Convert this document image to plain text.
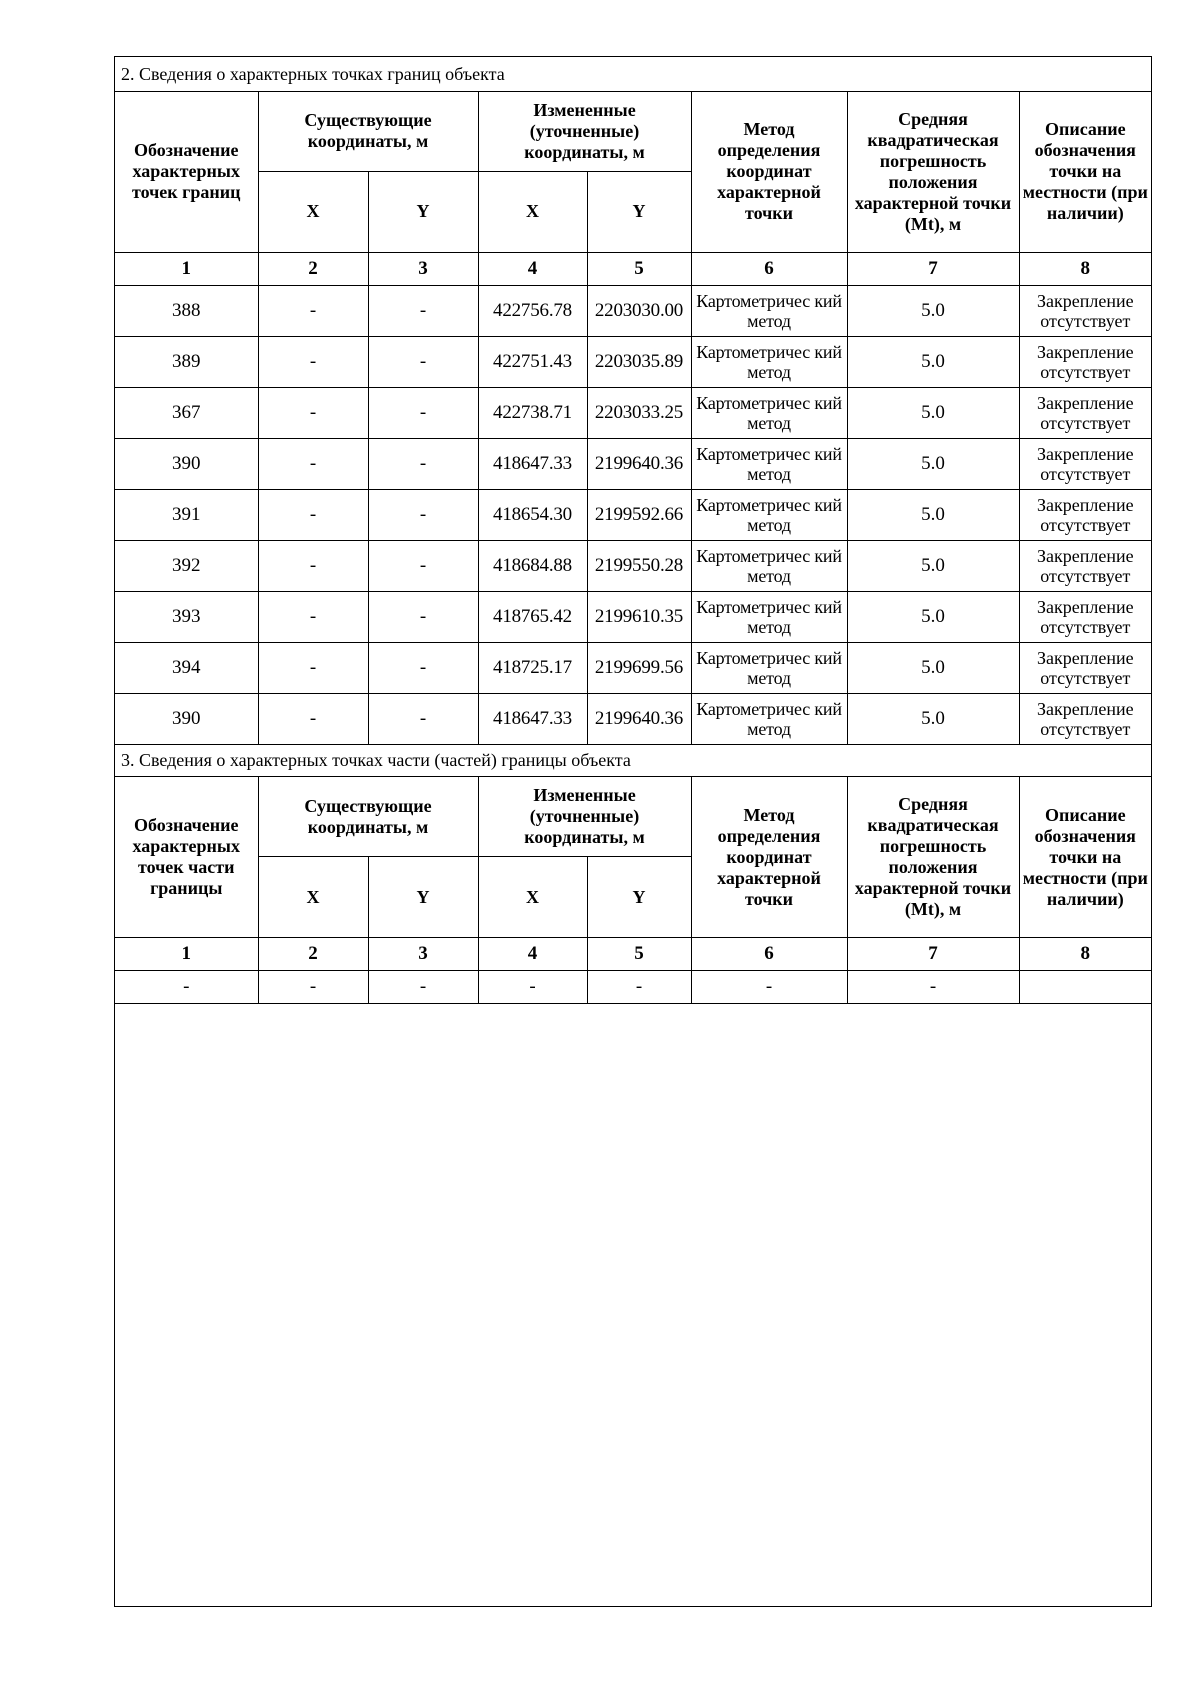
2. Сведения о характерных точках границ объекта							
Обозначение характерных точек границ	Существующие координаты, м		Измененные (уточненные) координаты, м		Метод определения координат характерной точки	Средняя квадратическая погрешность положения характерной точки (Mt), м	Описание обозначения точки на местности (при наличии)
	X	Y	X	Y			
1	2	3	4	5	6	7	8
388	-	-	422756.78	2203030.00	Картометричес кий метод	5.0	Закрепление отсутствует
389	-	-	422751.43	2203035.89	Картометричес кий метод	5.0	Закрепление отсутствует
367	-	-	422738.71	2203033.25	Картометричес кий метод	5.0	Закрепление отсутствует
390	-	-	418647.33	2199640.36	Картометричес кий метод	5.0	Закрепление отсутствует
391	-	-	418654.30	2199592.66	Картометричес кий метод	5.0	Закрепление отсутствует
392	-	-	418684.88	2199550.28	Картометричес кий метод	5.0	Закрепление отсутствует
393	-	-	418765.42	2199610.35	Картометричес кий метод	5.0	Закрепление отсутствует
394	-	-	418725.17	2199699.56	Картометричес кий метод	5.0	Закрепление отсутствует
390	-	-	418647.33	2199640.36	Картометричес кий метод	5.0	Закрепление отсутствует
3. Сведения о характерных точках части (частей) границы объекта							
Обозначение характерных точек части границы	Существующие координаты, м		Измененные (уточненные) координаты, м		Метод определения координат характерной точки	Средняя квадратическая погрешность положения характерной точки (Mt), м	Описание обозначения точки на местности (при наличии)
	X	Y	X	Y			
1	2	3	4	5	6	7	8
-	-	-	-	-	-	-	
